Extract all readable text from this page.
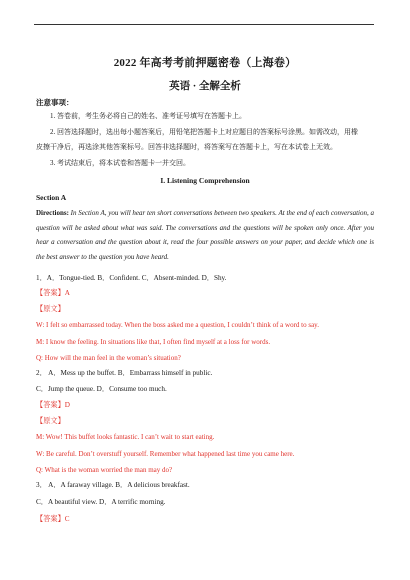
2022 年高考考前押题密卷（上海卷）
英语 · 全解全析
注意事项：
1. 答卷前，考生务必将自己的姓名、准考证号填写在答题卡上。
2. 回答选择题时，选出每小题答案后，用铅笔把答题卡上对应题目的答案标号涂黑。如需改动，用橡
皮擦干净后，再选涂其他答案标号。回答非选择题时，将答案写在答题卡上，写在本试卷上无效。
3. 考试结束后，将本试卷和答题卡一并交回。
I. Listening Comprehension
Section A
Directions: In Section A, you will hear ten short conversations between two speakers. At the end of each conversation, a question will be asked about what was said. The conversations and the questions will be spoken only once. After you hear a conversation and the question about it, read the four possible answers on your paper, and decide which one is the best answer to the question you have heard.
1．A．Tongue-tied. B．Confident. C．Absent-minded. D．Shy.
【答案】A
【原文】
W: I felt so embarrassed today. When the boss asked me a question, I couldn’t think of a word to say.
M: I know the feeling. In situations like that, I often find myself at a loss for words.
Q: How will the man feel in the woman’s situation?
2． A．Mess up the buffet. B．Embarrass himself in public.
C．Jump the queue. D．Consume too much.
【答案】D
【原文】
M: Wow! This buffet looks fantastic. I can’t wait to start eating.
W: Be careful. Don’t overstuff yourself. Remember what happened last time you came here.
Q: What is the woman worried the man may do?
3． A．A faraway village. B．A delicious breakfast.
C．A beautiful view. D．A terrific morning.
【答案】C
